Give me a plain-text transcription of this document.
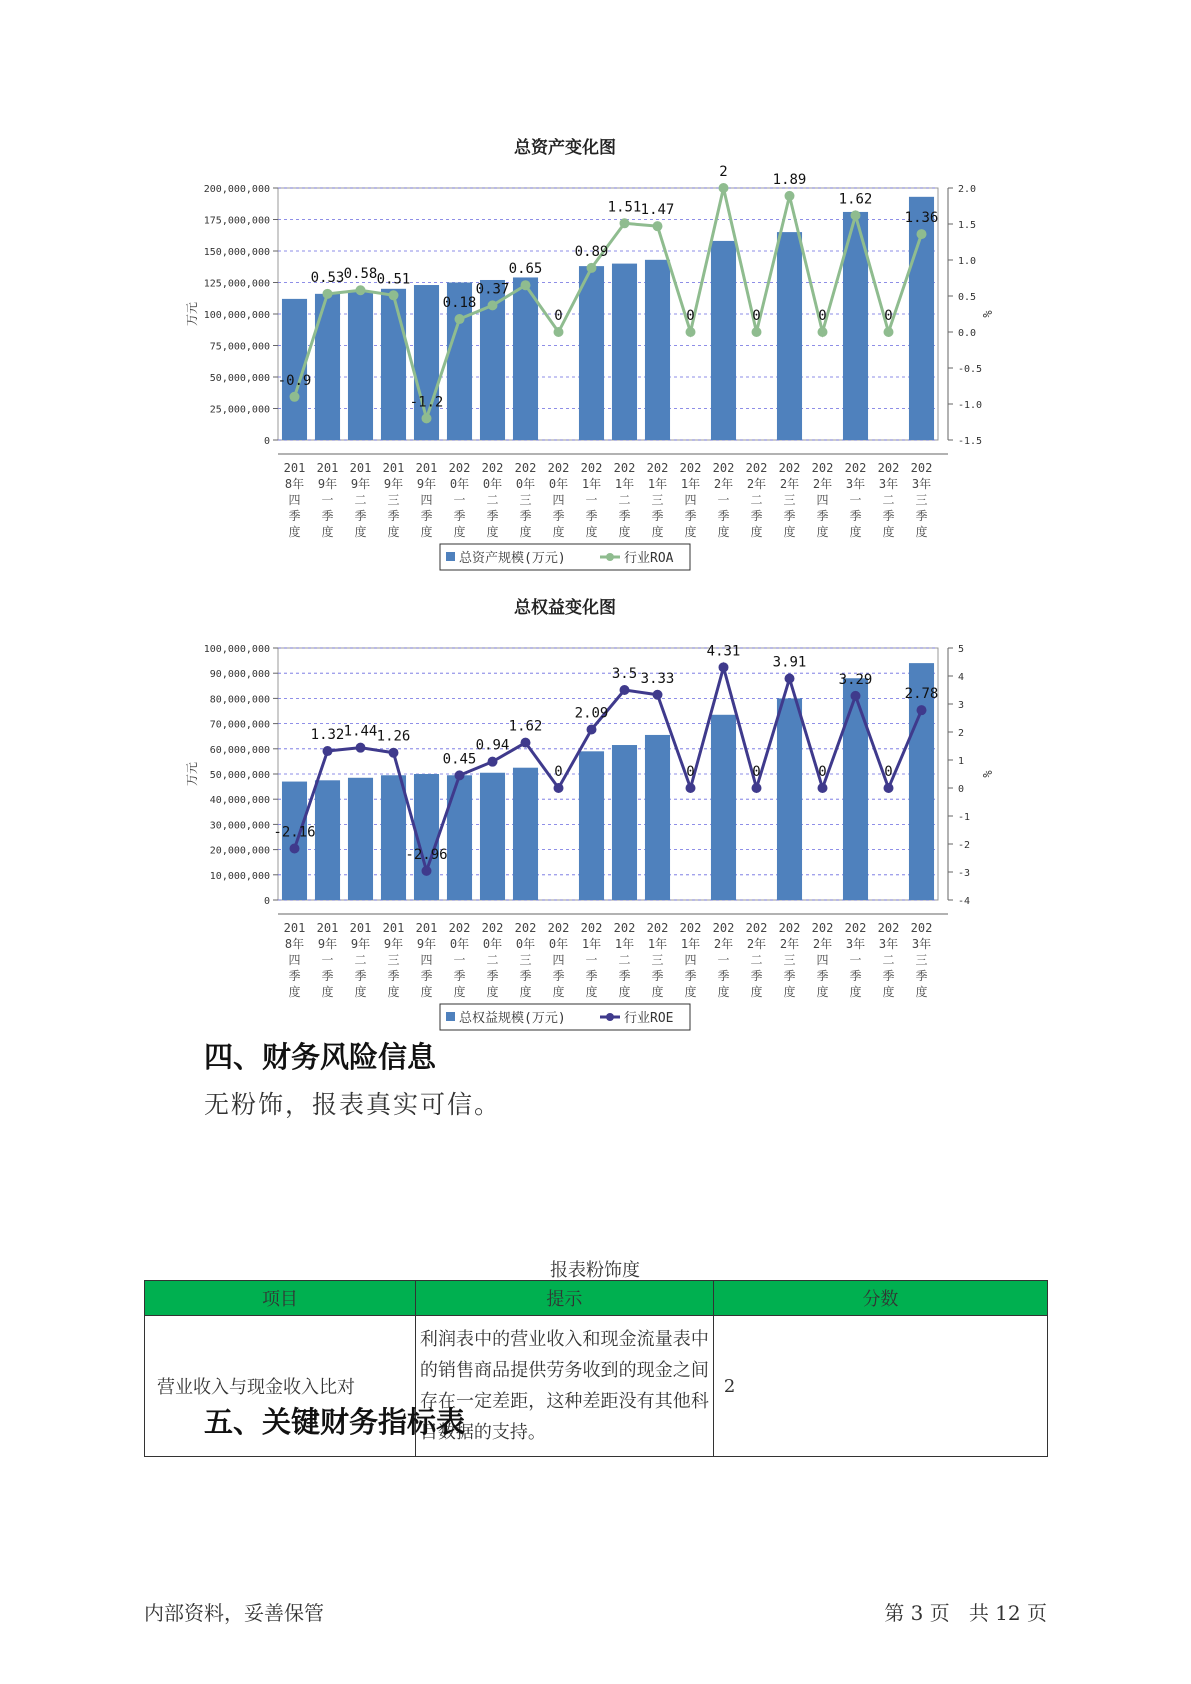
总资产变化图
0
25,000,000
50,000,000
75,000,000
100,000,000
125,000,000
150,000,000
175,000,000
200,000,000
-1.5
-1.0
-0.5
0.0
0.5
1.0
1.5
2.0
万元	%
201 8年四季度
201 9年一季度
201 9年二季度
201 9年三季度
201 9年四季度
202 0年一季度
202 0年二季度
202 0年三季度
202 0年四季度
202 1年一季度
202 1年二季度
202 1年三季度
202 1年四季度
202 2年一季度
202 2年二季度
202 2年三季度
202 2年四季度
202 3年一季度
202 3年二季度
202 3年三季度
-0.9
0.53 0.58 0.51
-1.2
0.18
0.37
0.65
0
0.89
1.51 1.47
0
2
0
1.89
0
1.62
0
1.36
总资产规模(万元)	行业ROA
总权益变化图
0
10,000,000
20,000,000
30,000,000
40,000,000
50,000,000
60,000,000
70,000,000
80,000,000
90,000,000
100,000,000
-4
-3
-2
-1
0
1
2
3
4
5
万元	%
201 8年四季度
201 9年一季度
201 9年二季度
201 9年三季度
201 9年四季度
202 0年一季度
202 0年二季度
202 0年三季度
202 0年四季度
202 1年一季度
202 1年二季度
202 1年三季度
202 1年四季度
202 2年一季度
202 2年二季度
202 2年三季度
202 2年四季度
202 3年一季度
202 3年二季度
202 3年三季度
-2.16
1.32 1.44 1.26
-2.96
0.45
0.94
1.62
0
2.09
3.5 3.33
0
4.31
0
3.91
0
3.29
0
2.78
总权益规模(万元)	行业ROE
四、财务风险信息
无粉饰，报表真实可信。
报表粉饰度
项目	提示	分数
营业收入与现金收入比对	利润表中的营业收入和现金流量表中的销售商品提供劳务收到的现金之间存在一定差距，这种差距没有其他科目数据的支持。	2
五、关键财务指标表
内部资料，妥善保管	第 3 页   共 12 页
